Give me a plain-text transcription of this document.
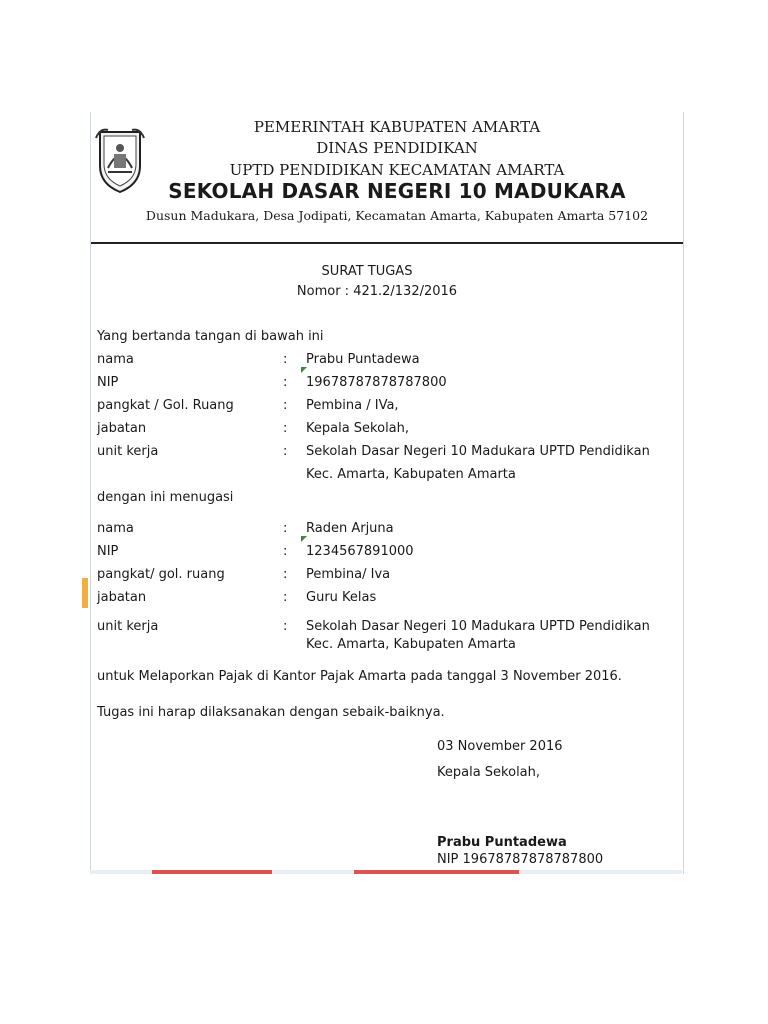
PEMERINTAH KABUPATEN AMARTA
DINAS PENDIDIKAN
UPTD PENDIDIKAN KECAMATAN AMARTA
SEKOLAH DASAR NEGERI 10 MADUKARA
Dusun Madukara, Desa Jodipati, Kecamatan Amarta, Kabupaten Amarta 57102
SURAT TUGAS
Nomor : 421.2/132/2016
Yang bertanda tangan di bawah ini
nama	: Prabu Puntadewa
NIP	: 19678787878787800
pangkat / Gol. Ruang	: Pembina / IVa,
jabatan	: Kepala Sekolah,
unit kerja	: Sekolah Dasar Negeri 10 Madukara UPTD Pendidikan
Kec. Amarta, Kabupaten Amarta
dengan ini menugasi
nama	: Raden Arjuna
NIP	: 1234567891000
pangkat/ gol. ruang	: Pembina/ Iva
jabatan	: Guru Kelas
unit kerja	: Sekolah Dasar Negeri 10 Madukara UPTD Pendidikan
Kec. Amarta, Kabupaten Amarta
untuk Melaporkan Pajak di Kantor Pajak Amarta pada tanggal 3 November 2016.
Tugas ini harap dilaksanakan dengan sebaik-baiknya.
03 November 2016
Kepala Sekolah,
Prabu Puntadewa
NIP 19678787878787800
